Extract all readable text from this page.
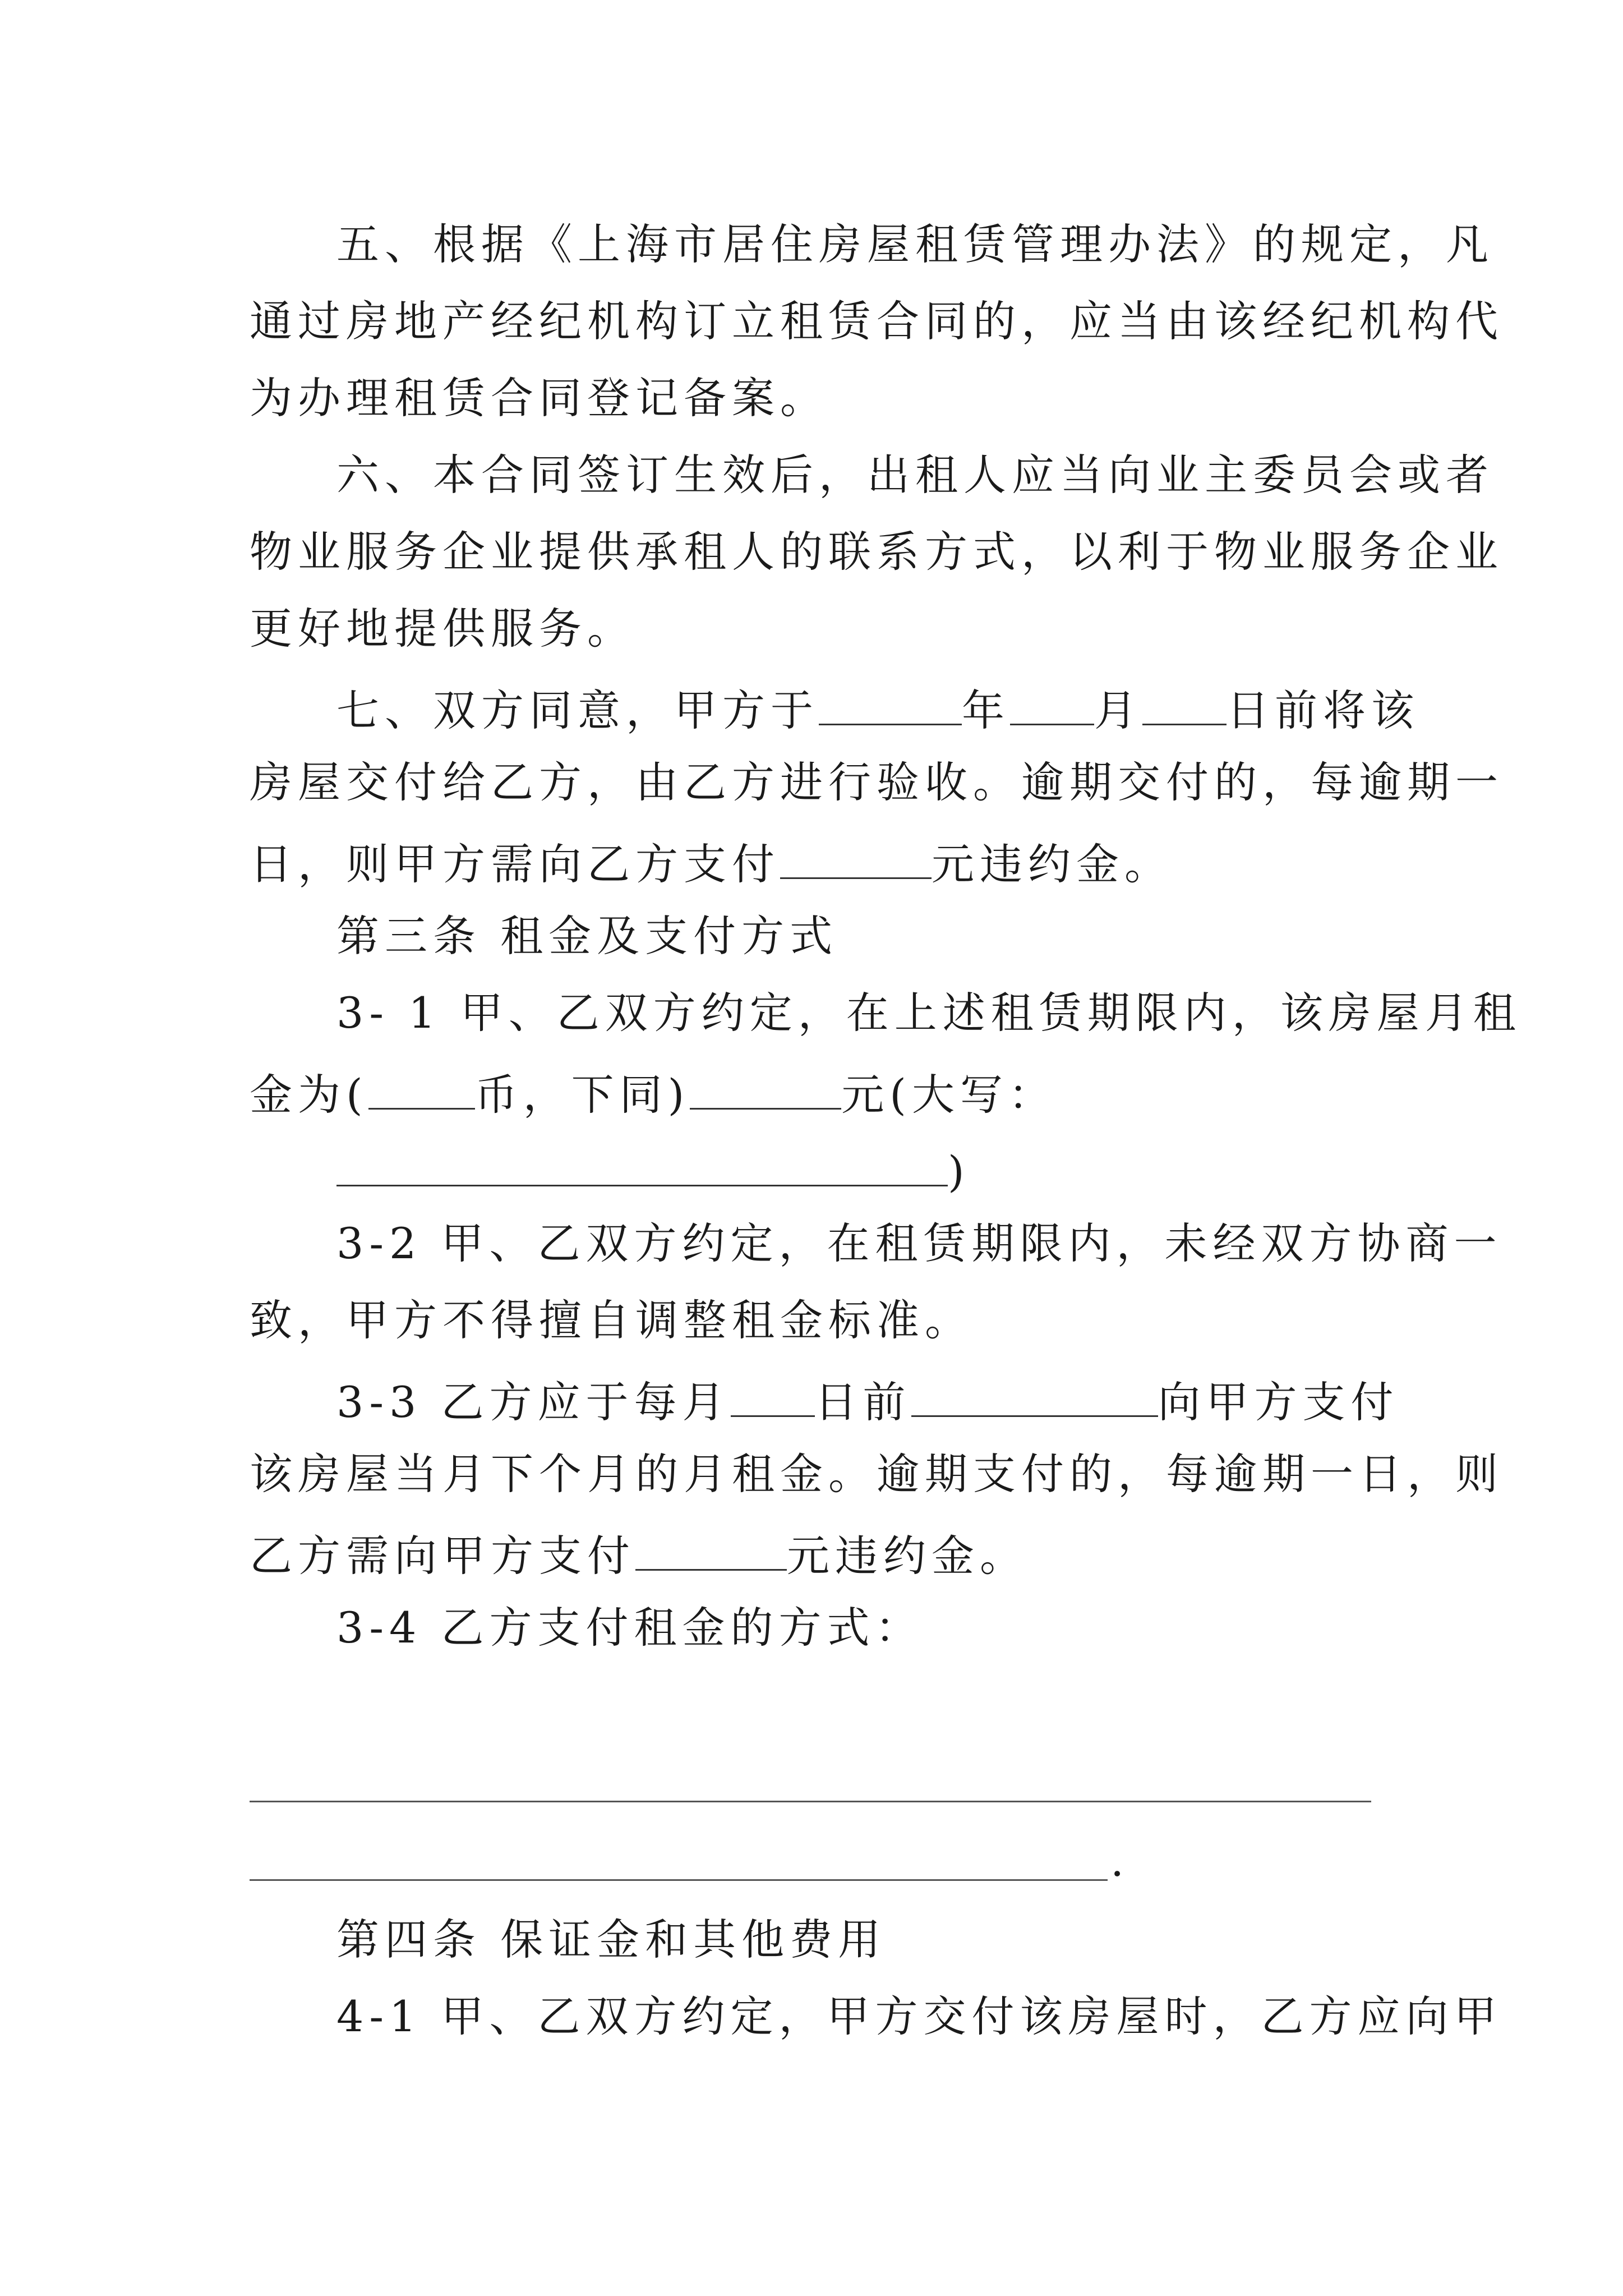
五、根据《上海市居住房屋租赁管理办法》的规定，凡

通过房地产经纪机构订立租赁合同的，应当由该经纪机构代

为办理租赁合同登记备案。

六、本合同签订生效后，出租人应当向业主委员会或者

物业服务企业提供承租人的联系方式，以利于物业服务企业

更好地提供服务。

七、双方同意，甲方于	年 月 日前将该

房屋交付给乙方，由乙方进行验收。逾期交付的，每逾期一

日，则甲方需向乙方支付	元违约金。

第三条 租金及支付方式

3- 1 甲、乙双方约定，在上述租赁期限内，该房屋月租

金为(	币，下同)	元(大写：

)

3-2 甲、乙双方约定，在租赁期限内，未经双方协商一

致，甲方不得擅自调整租金标准。

3-3 乙方应于每月 日前	向甲方支付

该房屋当月下个月的月租金。逾期支付的，每逾期一日，则

乙方需向甲方支付	元违约金。

3-4 乙方支付租金的方式：

.

第四条 保证金和其他费用

4-1 甲、乙双方约定，甲方交付该房屋时，乙方应向甲
